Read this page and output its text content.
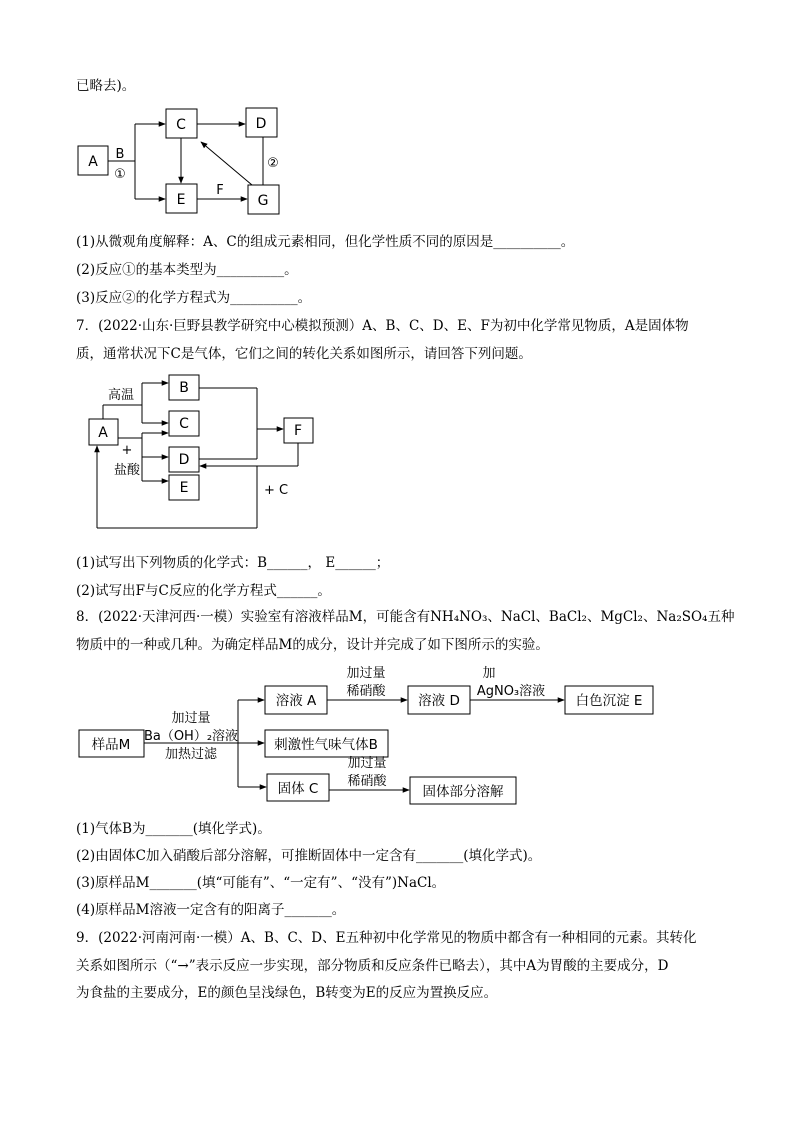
已略去)。
(1)从微观角度解释：A、C的组成元素相同，但化学性质不同的原因是__________。
(2)反应①的基本类型为__________。
(3)反应②的化学方程式为__________。
7．(2022·山东·巨野县教学研究中心模拟预测）A、B、C、D、E、F为初中化学常见物质，A是固体物
质，通常状况下C是气体，它们之间的转化关系如图所示，请回答下列问题。
(1)试写出下列物质的化学式：B______， E______；
(2)试写出F与C反应的化学方程式______。
8．(2022·天津河西·一模）实验室有溶液样品M，可能含有NH₄NO₃、NaCl、BaCl₂、MgCl₂、Na₂SO₄五种
物质中的一种或几种。为确定样品M的成分，设计并完成了如下图所示的实验。
(1)气体B为_______(填化学式)。
(2)由固体C加入硝酸后部分溶解，可推断固体中一定含有_______(填化学式)。
(3)原样品M_______(填“可能有”、“一定有”、“没有”)NaCl。
(4)原样品M溶液一定含有的阳离子_______。
9．(2022·河南河南·一模）A、B、C、D、E五种初中化学常见的物质中都含有一种相同的元素。其转化
关系如图所示（“→”表示反应一步实现，部分物质和反应条件已略去），其中A为胃酸的主要成分，D
为食盐的主要成分，E的颜色呈浅绿色，B转变为E的反应为置换反应。
A
C	D
E	G
B
①
F
②
A
B
C
D
E
F
高温
+
盐酸
+ C
样品M
溶液 A	溶液 D	白色沉淀 E
刺激性气味气体B
固体 C	固体部分溶解
加过量
Ba（OH）₂溶液
加热过滤
加过量
稀硝酸
加
AgNO₃溶液
加过量
稀硝酸
